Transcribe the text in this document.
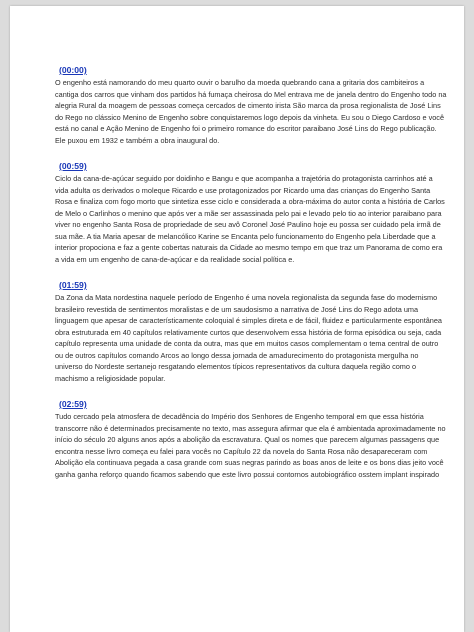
(00:00)

O engenho está namorando do meu quarto ouvir o barulho da moeda quebrando cana a gritaria dos cambiteiros a cantiga dos carros que vinham dos partidos há fumaça cheirosa do Mel entrava me de janela dentro do Engenho todo na alegria Rural da moagem de pessoas começa cercados de cimento irista São marca da prosa regionalista de José Lins do Rego no clássico Menino de Engenho sobre conquistaremos logo depois da vinheta. Eu sou o Diego Cardoso e você está no canal e Ação Menino de Engenho foi o primeiro romance do escritor paraibano José Lins do Rego publicação. Ele puxou em 1932 e também a obra inaugural do.

(00:59)

Ciclo da cana-de-açúcar seguido por doidinho e Bangu e que acompanha a trajetória do protagonista carrinhos até a vida adulta os derivados o moleque Ricardo e use protagonizados por Ricardo uma das crianças do Engenho Santa Rosa e finaliza com fogo morto que sintetiza esse ciclo e considerada a obra-máxima do autor conta a história de Carlos de Melo o Carlinhos o menino que após ver a mãe ser assassinada pelo pai e levado pelo tio ao interior paraibano para viver no engenho Santa Rosa de propriedade de seu avô Coronel José Paulino hoje eu possa ser cuidado pela irmã de sua mãe. A tia Maria apesar de melancólico Karine se Encanta pelo funcionamento do Engenho pela Liberdade que a interior propociona e faz a gente cobertas naturais da Cidade ao mesmo tempo em que traz um Panorama de como era a vida em um engenho de cana-de-açúcar e da realidade social política e.

(01:59)

Da Zona da Mata nordestina naquele período de Engenho é uma novela regionalista da segunda fase do modernismo brasileiro revestida de sentimentos moralistas e de um saudosismo a narrativa de José Lins do Rego adota uma linguagem que apesar de característicamente coloquial é simples direta e de fácil, fluidez e particularmente espontânea obra estruturada em 40 capítulos relativamente curtos que desenvolvem essa história de forma episódica ou seja, cada capítulo representa uma unidade de conta da outra, mas que em muitos casos complementam o tema central de outro ou de outros capítulos comando Arcos ao longo dessa jornada de amadurecimento do protagonista mergulha no universo do Nordeste sertanejo resgatando elementos típicos representativos da cultura daquela região como o machismo a religiosidade popular.

(02:59)

Tudo cercado pela atmosfera de decadência do Império dos Senhores de Engenho temporal em que essa história transcorre não é determinados precisamente no texto, mas assegura afirmar que ela é ambientada aproximadamente no início do século 20 alguns anos após a abolição da escravatura. Qual os nomes que parecem algumas passagens que encontra nesse livro começa eu falei para vocês no Capítulo 22 da novela do Santa Rosa não desapareceram com Abolição ela continuava pegada a casa grande com suas negras parindo as boas anos de leite e os bons dias jeito você ganha ganha reforço quando ficamos sabendo que este livro possui contornos autobiográfico osstem implant inspirado
